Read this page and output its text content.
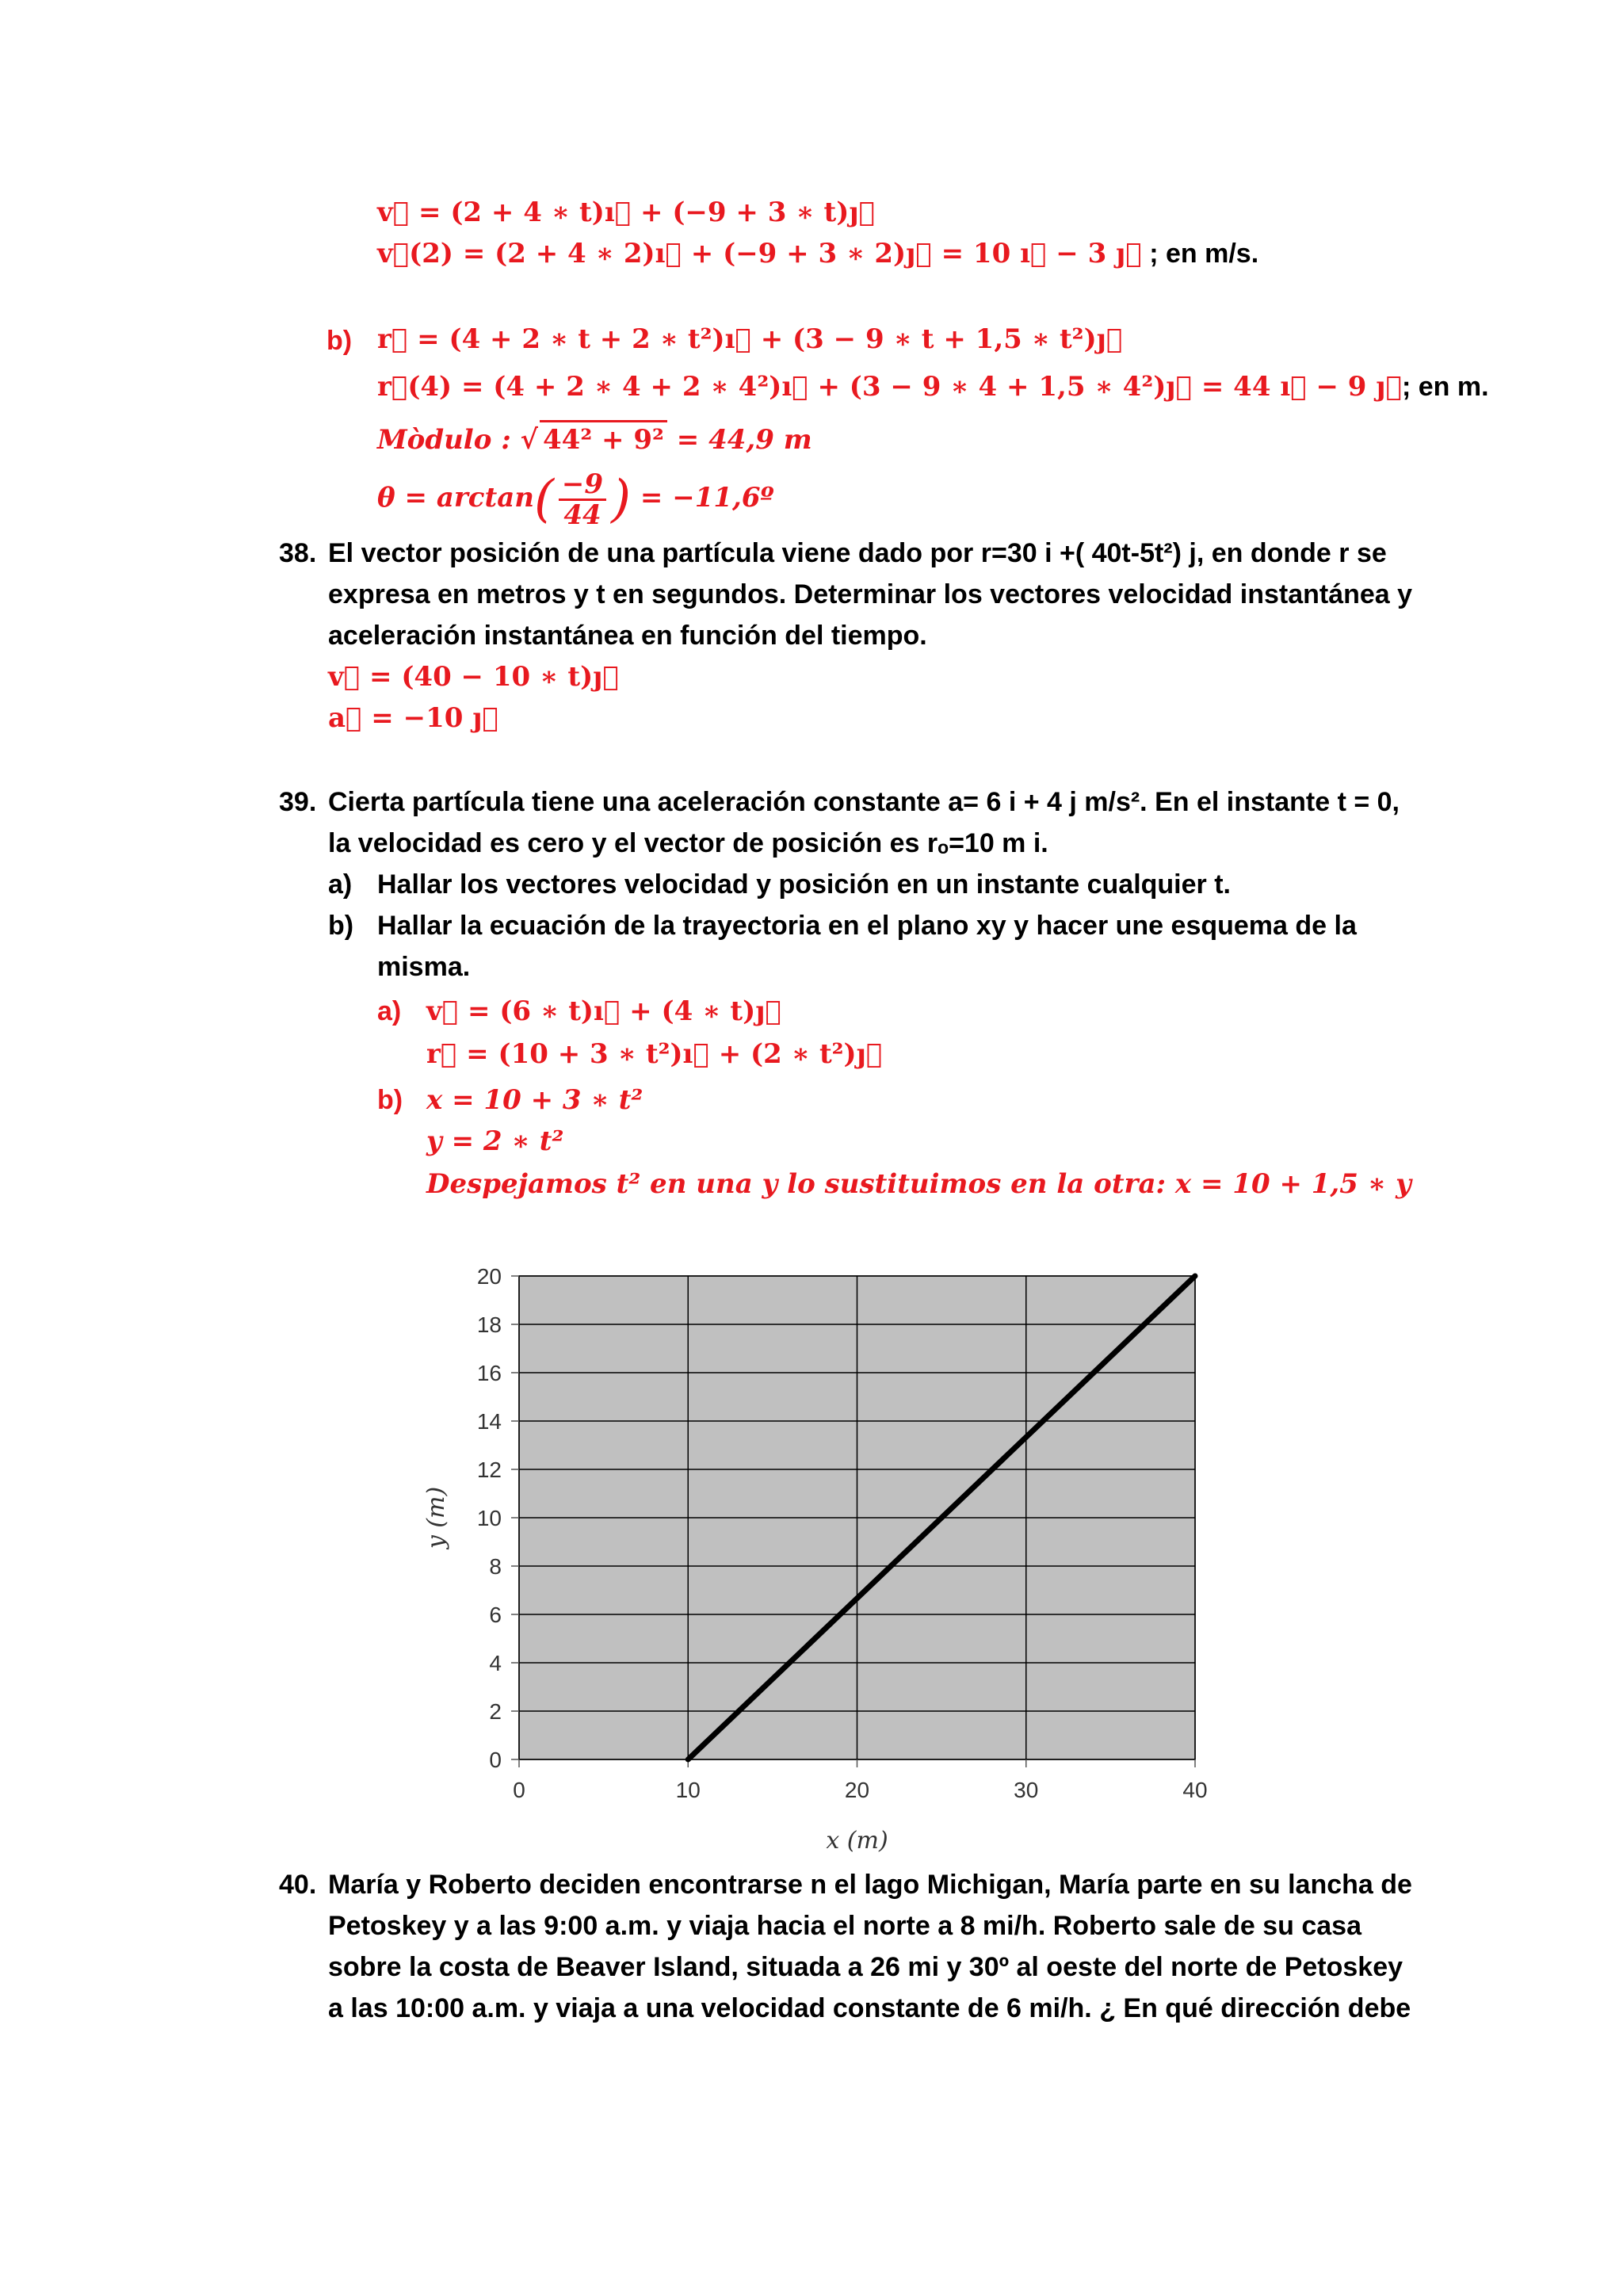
v⃗ = (2 + 4 ∗ t)ı⃗ + (−9 + 3 ∗ t)ȷ⃗
v⃗(2) = (2 + 4 ∗ 2)ı⃗ + (−9 + 3 ∗ 2)ȷ⃗ = 10 ı⃗ − 3 ȷ⃗ ; en m/s.
b) r⃗ = (4 + 2 ∗ t + 2 ∗ t²)ı⃗ + (3 − 9 ∗ t + 1,5 ∗ t²)ȷ⃗
r⃗(4) = (4 + 2 ∗ 4 + 2 ∗ 4²)ı⃗ + (3 − 9 ∗ 4 + 1,5 ∗ 4²)ȷ⃗ = 44 ı⃗ − 9 ȷ⃗; en m.
Mòdulo : √ 44² + 9² = 44,9 m
$\theta = \arctan( \frac{-9}{44}$ ) = −11,6º
38. El vector posición de una partícula viene dado por r=30 i +( 40t-5t²) j, en donde r se
expresa en metros y t en segundos. Determinar los vectores velocidad instantánea y
aceleración instantánea en función del tiempo.
v⃗ = (40 − 10 ∗ t)ȷ⃗
a⃗ = −10 ȷ⃗
39. Cierta partícula tiene una aceleración constante a= 6 i + 4 j m/s². En el instante t = 0,
la velocidad es cero y el vector de posición es rₒ=10 m i.
a) Hallar los vectores velocidad y posición en un instante cualquier t.
b) Hallar la ecuación de la trayectoria en el plano xy y hacer une esquema de la
misma.
a) v⃗ = (6 ∗ t)ı⃗ + (4 ∗ t)ȷ⃗
r⃗ = (10 + 3 ∗ t²)ı⃗ + (2 ∗ t²)ȷ⃗
b) x = 10 + 3 ∗ t²
y = 2 ∗ t²
Despejamos t² en una y lo sustituimos en la otra: x = 10 + 1,5 ∗ y
0
2
4
6
8
10
12
14
16
18
20
0	10	20	30	40
x (m)
y (m)
40. María y Roberto deciden encontrarse n el lago Michigan, María parte en su lancha de
Petoskey y a las 9:00 a.m. y viaja hacia el norte a 8 mi/h. Roberto sale de su casa
sobre la costa de Beaver Island, situada a 26 mi y 30º al oeste del norte de Petoskey
a las 10:00 a.m. y viaja a una velocidad constante de 6 mi/h. ¿ En qué dirección debe
